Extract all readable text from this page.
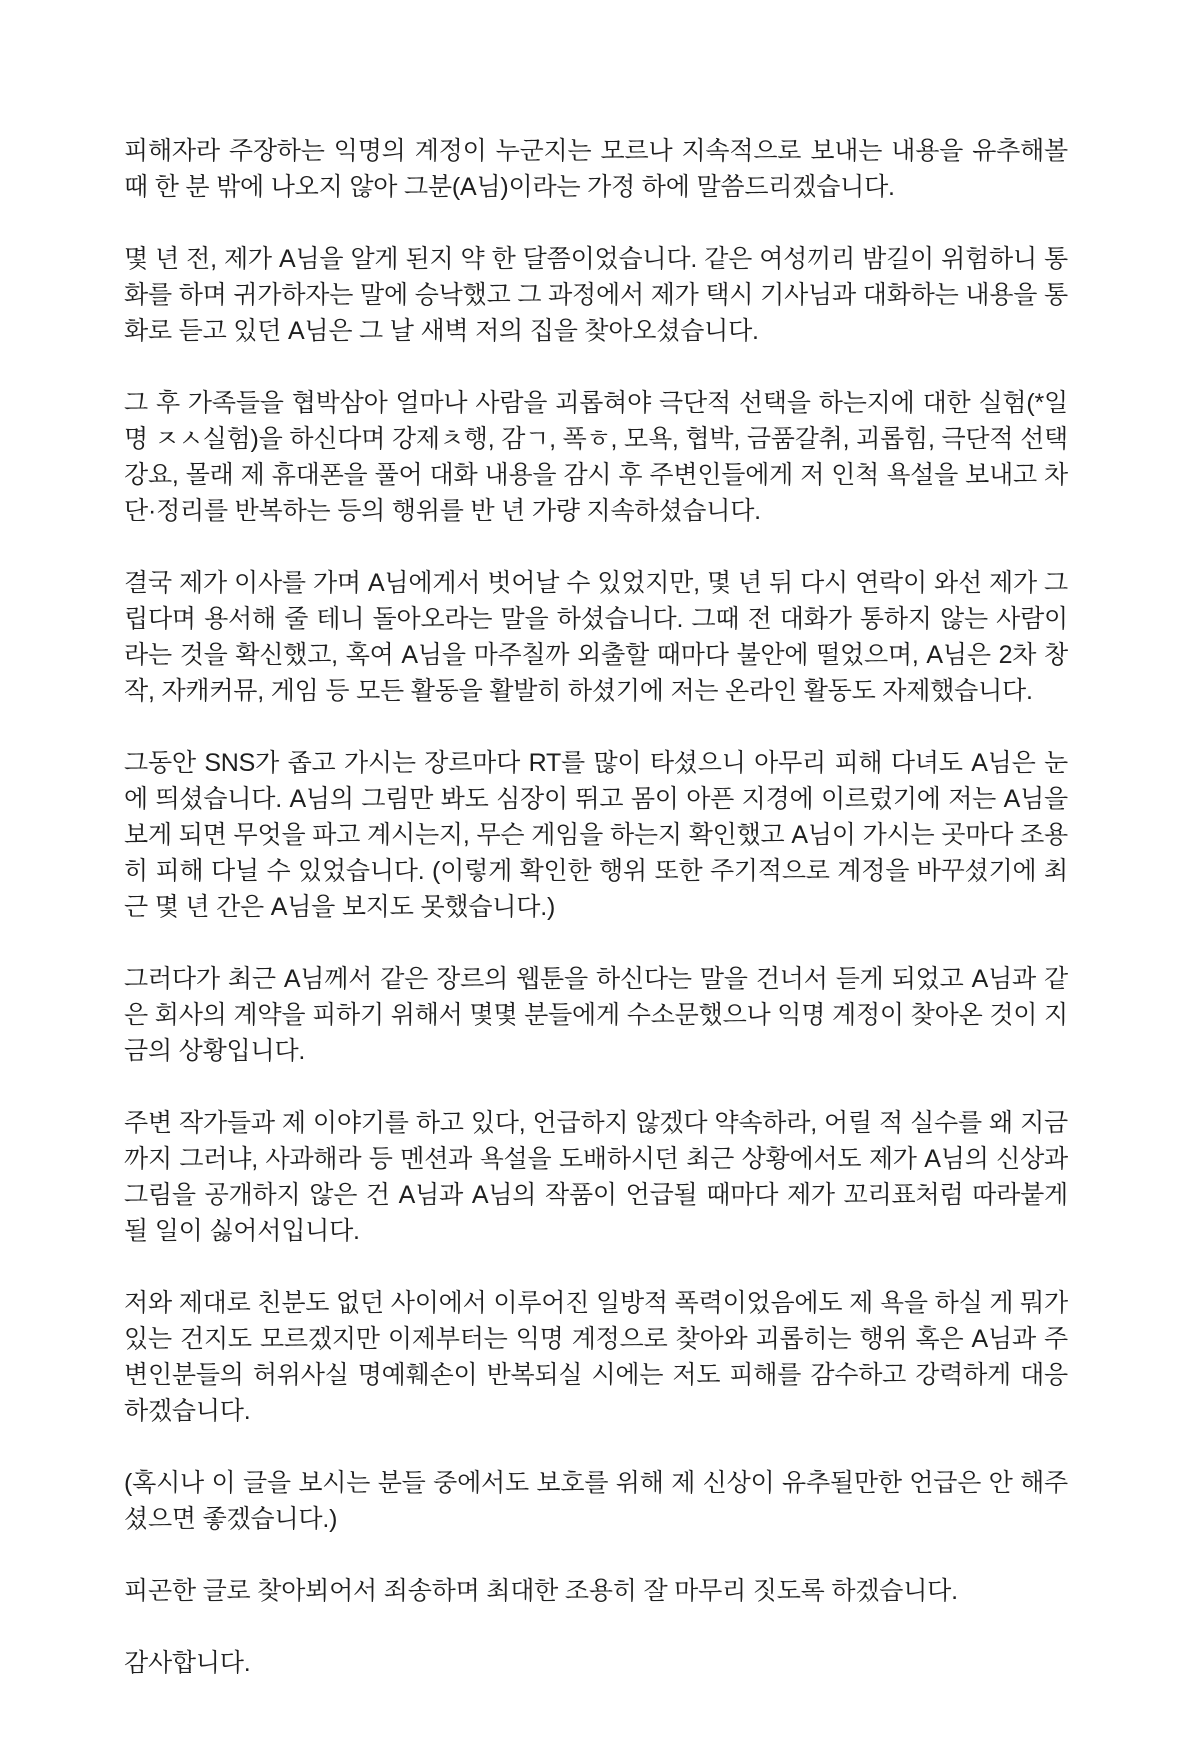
피해자라 주장하는 익명의 계정이 누군지는 모르나 지속적으로 보내는 내용을 유추해볼 때 한 분 밖에 나오지 않아 그분(A님)이라는 가정 하에 말씀드리겠습니다.

몇 년 전, 제가 A님을 알게 된지 약 한 달쯤이었습니다. 같은 여성끼리 밤길이 위험하니 통화를 하며 귀가하자는 말에 승낙했고 그 과정에서 제가 택시 기사님과 대화하는 내용을 통화로 듣고 있던 A님은 그 날 새벽 저의 집을 찾아오셨습니다.

그 후 가족들을 협박삼아 얼마나 사람을 괴롭혀야 극단적 선택을 하는지에 대한 실험(*일명 ㅈㅅ실험)을 하신다며 강제ㅊ행, 감ㄱ, 폭ㅎ, 모욕, 협박, 금품갈취, 괴롭힘, 극단적 선택 강요, 몰래 제 휴대폰을 풀어 대화 내용을 감시 후 주변인들에게 저 인척 욕설을 보내고 차단·정리를 반복하는 등의 행위를 반 년 가량 지속하셨습니다.

결국 제가 이사를 가며 A님에게서 벗어날 수 있었지만, 몇 년 뒤 다시 연락이 와선 제가 그립다며 용서해 줄 테니 돌아오라는 말을 하셨습니다. 그때 전 대화가 통하지 않는 사람이라는 것을 확신했고, 혹여 A님을 마주칠까 외출할 때마다 불안에 떨었으며, A님은 2차 창작, 자캐커뮤, 게임 등 모든 활동을 활발히 하셨기에 저는 온라인 활동도 자제했습니다.

그동안 SNS가 좁고 가시는 장르마다 RT를 많이 타셨으니 아무리 피해 다녀도 A님은 눈에 띄셨습니다. A님의 그림만 봐도 심장이 뛰고 몸이 아픈 지경에 이르렀기에 저는 A님을 보게 되면 무엇을 파고 계시는지, 무슨 게임을 하는지 확인했고 A님이 가시는 곳마다 조용히 피해 다닐 수 있었습니다. (이렇게 확인한 행위 또한 주기적으로 계정을 바꾸셨기에 최근 몇 년 간은 A님을 보지도 못했습니다.)

그러다가 최근 A님께서 같은 장르의 웹툰을 하신다는 말을 건너서 듣게 되었고 A님과 같은 회사의 계약을 피하기 위해서 몇몇 분들에게 수소문했으나 익명 계정이 찾아온 것이 지금의 상황입니다.

주변 작가들과 제 이야기를 하고 있다, 언급하지 않겠다 약속하라, 어릴 적 실수를 왜 지금까지 그러냐, 사과해라 등 멘션과 욕설을 도배하시던 최근 상황에서도 제가 A님의 신상과 그림을 공개하지 않은 건 A님과 A님의 작품이 언급될 때마다 제가 꼬리표처럼 따라붙게 될 일이 싫어서입니다.

저와 제대로 친분도 없던 사이에서 이루어진 일방적 폭력이었음에도 제 욕을 하실 게 뭐가 있는 건지도 모르겠지만 이제부터는 익명 계정으로 찾아와 괴롭히는 행위 혹은 A님과 주변인분들의 허위사실 명예훼손이 반복되실 시에는 저도 피해를 감수하고 강력하게 대응하겠습니다.

(혹시나 이 글을 보시는 분들 중에서도 보호를 위해 제 신상이 유추될만한 언급은 안 해주셨으면 좋겠습니다.)

피곤한 글로 찾아뵈어서 죄송하며 최대한 조용히 잘 마무리 짓도록 하겠습니다.

감사합니다.
